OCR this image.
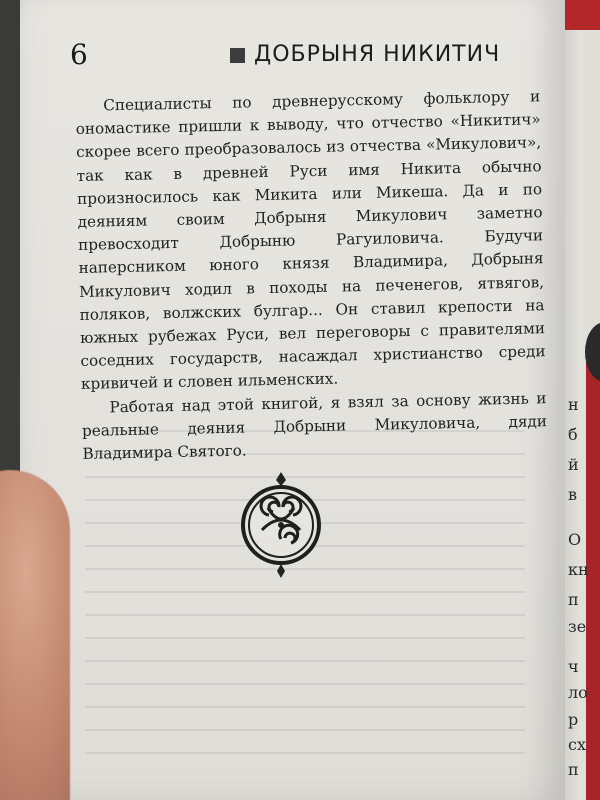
н
б
й
в
О
кн
п
зе
ч
ло
р
сх
п
6	ДОБРЫНЯ НИКИТИЧ

Специалисты по древнерусскому фольклору и ономастике пришли к выводу, что отчество «Никитич» скорее всего преобразовалось из отчества «Микулович», так как в древней Руси имя Никита обычно произносилось как Микита или Микеша. Да и по деяниям своим Добрыня Микулович заметно превосходит Добрыню Рагуиловича. Будучи наперсником юного князя Владимира, Добрыня Микулович ходил в походы на печенегов, ятвягов, поляков, волжских булгар... Он ставил крепости на южных рубежах Руси, вел переговоры с правителями соседних государств, насаждал христианство среди кривичей и словен ильменских.

Работая над этой книгой, я взял за основу жизнь и реальные деяния Добрыни Микуловича, дяди Владимира Святого.
